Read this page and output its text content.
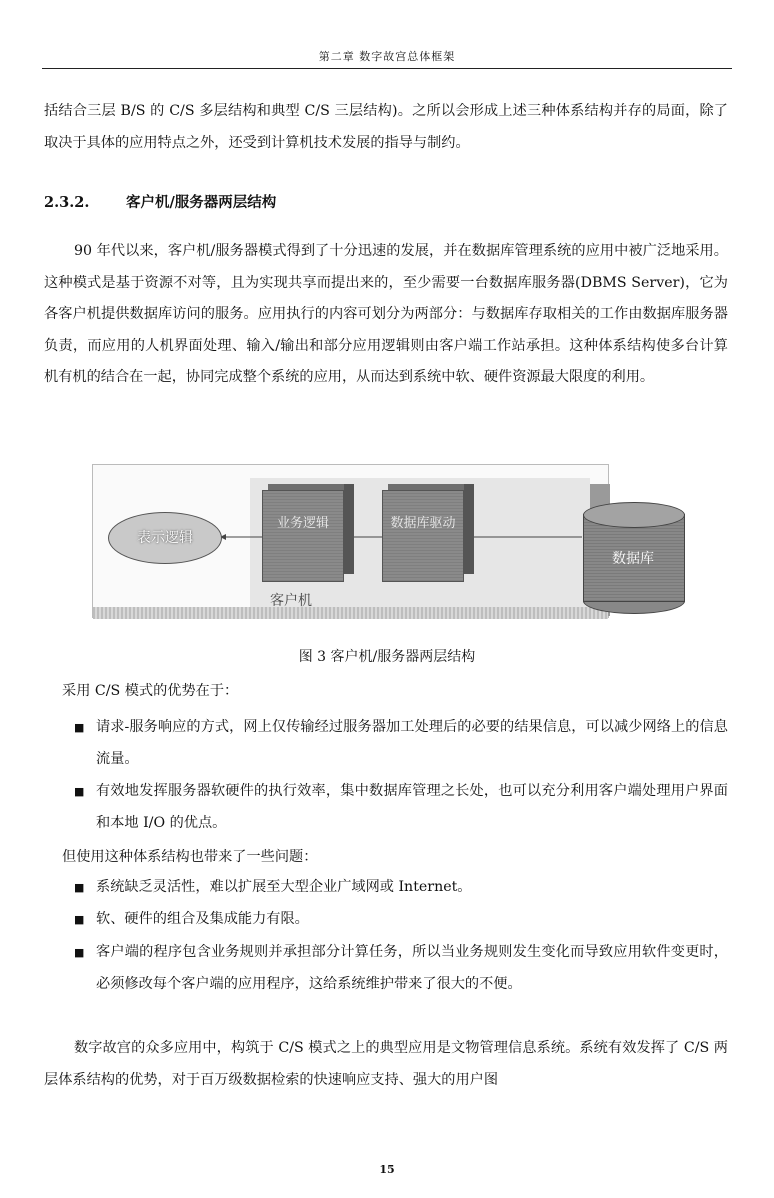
第二章 数字故宫总体框架

括结合三层 B/S 的 C/S 多层结构和典型 C/S 三层结构)。之所以会形成上述三种体系结构并存的局面，除了取决于具体的应用特点之外，还受到计算机技术发展的指导与制约。

2.3.2.	客户机/服务器两层结构

90 年代以来，客户机/服务器模式得到了十分迅速的发展，并在数据库管理系统的应用中被广泛地采用。这种模式是基于资源不对等，且为实现共享而提出来的，至少需要一台数据库服务器(DBMS Server)，它为各客户机提供数据库访问的服务。应用执行的内容可划分为两部分：与数据库存取相关的工作由数据库服务器负责，而应用的人机界面处理、输入/输出和部分应用逻辑则由客户端工作站承担。这种体系结构使多台计算机有机的结合在一起，协同完成整个系统的应用，从而达到系统中软、硬件资源最大限度的利用。

表示逻辑
业务逻辑	数据库驱动
客户机
数据库
图 3 客户机/服务器两层结构
采用 C/S 模式的优势在于：

■ 请求-服务响应的方式，网上仅传输经过服务器加工处理后的必要的结果信息，可以减少网络上的信息流量。

■ 有效地发挥服务器软硬件的执行效率，集中数据库管理之长处，也可以充分利用客户端处理用户界面和本地 I/O 的优点。

但使用这种体系结构也带来了一些问题：

■ 系统缺乏灵活性，难以扩展至大型企业广域网或 Internet。

■ 软、硬件的组合及集成能力有限。

■ 客户端的程序包含业务规则并承担部分计算任务，所以当业务规则发生变化而导致应用软件变更时，必须修改每个客户端的应用程序，这给系统维护带来了很大的不便。

数字故宫的众多应用中，构筑于 C/S 模式之上的典型应用是文物管理信息系统。系统有效发挥了 C/S 两层体系结构的优势，对于百万级数据检索的快速响应支持、强大的用户图

15
